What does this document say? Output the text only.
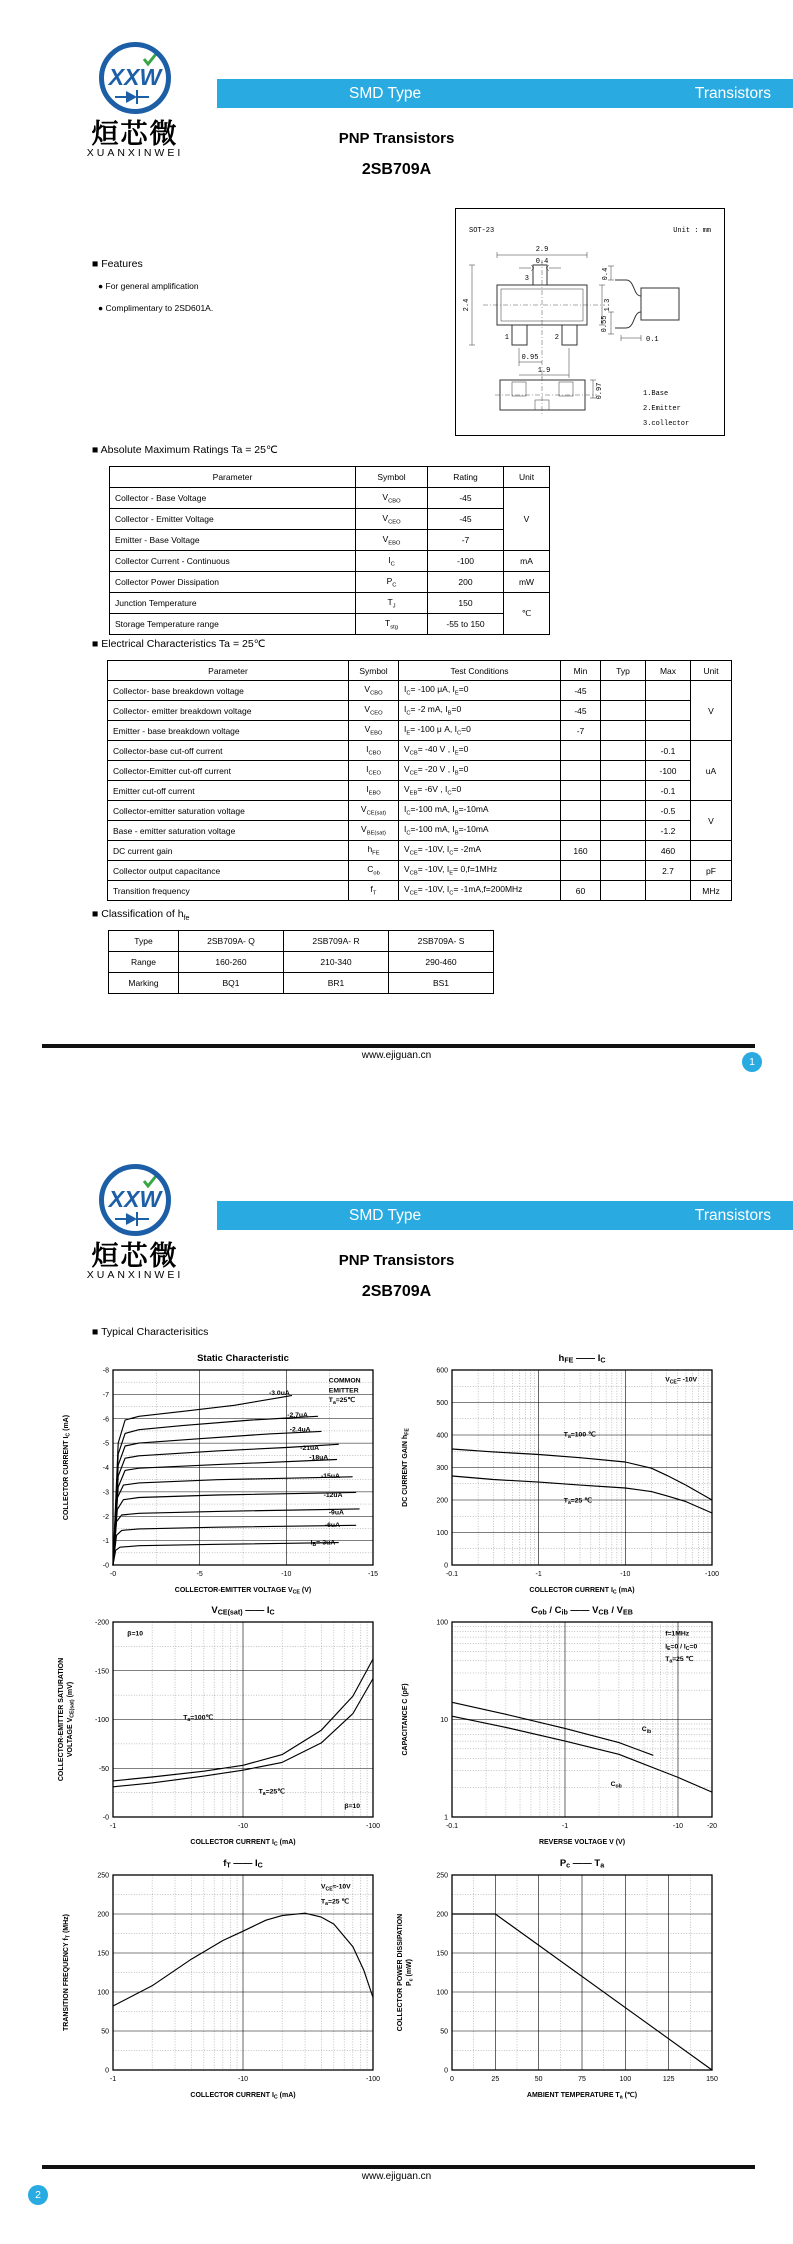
XXW
烜芯微
XUANXINWEI
SMD Type	Transistors
PNP Transistors
2SB709A
■ Features
● For general amplification
● Complimentary to 2SD601A.
SOT-23	Unit : mm
3
1	2
2.9
0.4
2.4	1.3
0.95
1.9
0.4
0.55
0.1
0.97	1.Base
2.Emitter
3.collector
■ Absolute Maximum Ratings Ta = 25℃
Parameter	Symbol	Rating	Unit
Collector - Base Voltage	$V_{CBO}$	-45	V
Collector - Emitter Voltage	$V_{CEO}$	-45	
Emitter - Base Voltage	$V_{EBO}$	-7	
Collector Current - Continuous	$I_C$	-100	mA
Collector Power Dissipation	$P_C$	200	mW
Junction Temperature	$T_J$	150	℃
Storage Temperature range	$T_{stg}$	-55 to 150	
■ Electrical Characteristics Ta = 25℃
Parameter	Symbol	Test Conditions	Min	Typ	Max	Unit
Collector- base breakdown voltage	$V_{CBO}$	$I_C= -100$ μA, $I_E=0$	-45			V
Collector- emitter breakdown voltage	$V_{CEO}$	$I_C= -2$ mA, $I_B=0$	-45			
Emitter - base breakdown voltage	$V_{EBO}$	$I_E= -100$ μ A, $I_C=0$	-7			
Collector-base cut-off current	$I_{CBO}$	$V_{CB}= -40$ V , $I_E=0$			-0.1	uA
Collector-Emitter cut-off current	$I_{CEO}$	$V_{CE}= -20$ V , $I_B=0$			-100	
Emitter cut-off current	$I_{EBO}$	$V_{EB}= -6V$ , $I_C=0$			-0.1	
Collector-emitter saturation voltage	$V_{CE(sat)}$	$I_C=-100$ mA, $I_B=-10mA$			-0.5	V
Base - emitter saturation voltage	$V_{BE(sat)}$	$I_C=-100$ mA, $I_B=-10mA$			-1.2	
DC current gain	$h_{FE}$	$V_{CE}= -10V$, $I_C= -2mA$	160		460	
Collector output capacitance	$C_{ob}$	$V_{CB}= -10V$, $I_E= 0,f=1MHz$			2.7	pF
Transition frequency	$f_T$	$V_{CE}= -10V$, $I_C= -1mA,f=200MHz$	60			MHz
■ Classification of $h_{fe}$
Type	2SB709A- Q	2SB709A- R	2SB709A- S
Range	160-260	210-340	290-460
Marking	BQ1	BR1	BS1
www.ejiguan.cn
1
XXW
烜芯微
XUANXINWEI
SMD Type	Transistors
PNP Transistors
2SB709A
■ Typical Characterisitics
-0	-5	-10	-15
-0
-1
-2
-3
-4
-5
-6
-7
-8
-3.0uA
-2.7uA
-2.4uA
-21uA
-18uA
-15uA
-12uA
-9uA
-6uA
$I_B=-3uA$
COMMON
EMITTER
$T_a=25℃$
Static Characteristic
COLLECTOR-EMITTER VOLTAGE $V_{CE}$ (V)
COLLECTOR CURRENT $I_C$ (mA)
-0.1	-1	-10	-100
0
100
200
300
400
500
600
$T_a=100$ ℃
$T_a=25$ ℃
$V_{CE}= -10V$
hFE —— IC
COLLECTOR CURRENT $I_C$ (mA)
DC CURRENT GAIN $h_{FE}$
-1	-10	-100
-0
-50
-100
-150
-200
$T_a=100℃$
$T_a=25℃$
β=10
β=10
VCE(sat) —— IC
COLLECTOR CURRENT $I_C$ (mA)
COLLECTOR-EMITTER SATURATION VOLTAGE $V_{CE(sat)}$ (mV)
-0.1	-1	-10	-20
1
10
100
$C_{ib}$
$C_{ob}$
f=1MHz
$I_E=0 / I_C=0$
$T_a=25$ ℃
Cob / Cib —— VCB / VEB
REVERSE VOLTAGE V (V)
CAPACITANCE C (pF)
-1	-10	-100
0
50
100
150
200
250
$V_{CE}\approx-10V$
$T_a=25$ ℃
fT —— IC
COLLECTOR CURRENT $I_C$ (mA)
TRANSITION FREQUENCY $f_T$ (MHz)
0	25	50	75	100	125	150
0
50
100
150
200
250
Pc —— Ta
AMBIENT TEMPERATURE $T_a$ (℃)
COLLECTOR POWER DISSIPATION $P_c$ (mW)
www.ejiguan.cn
2
